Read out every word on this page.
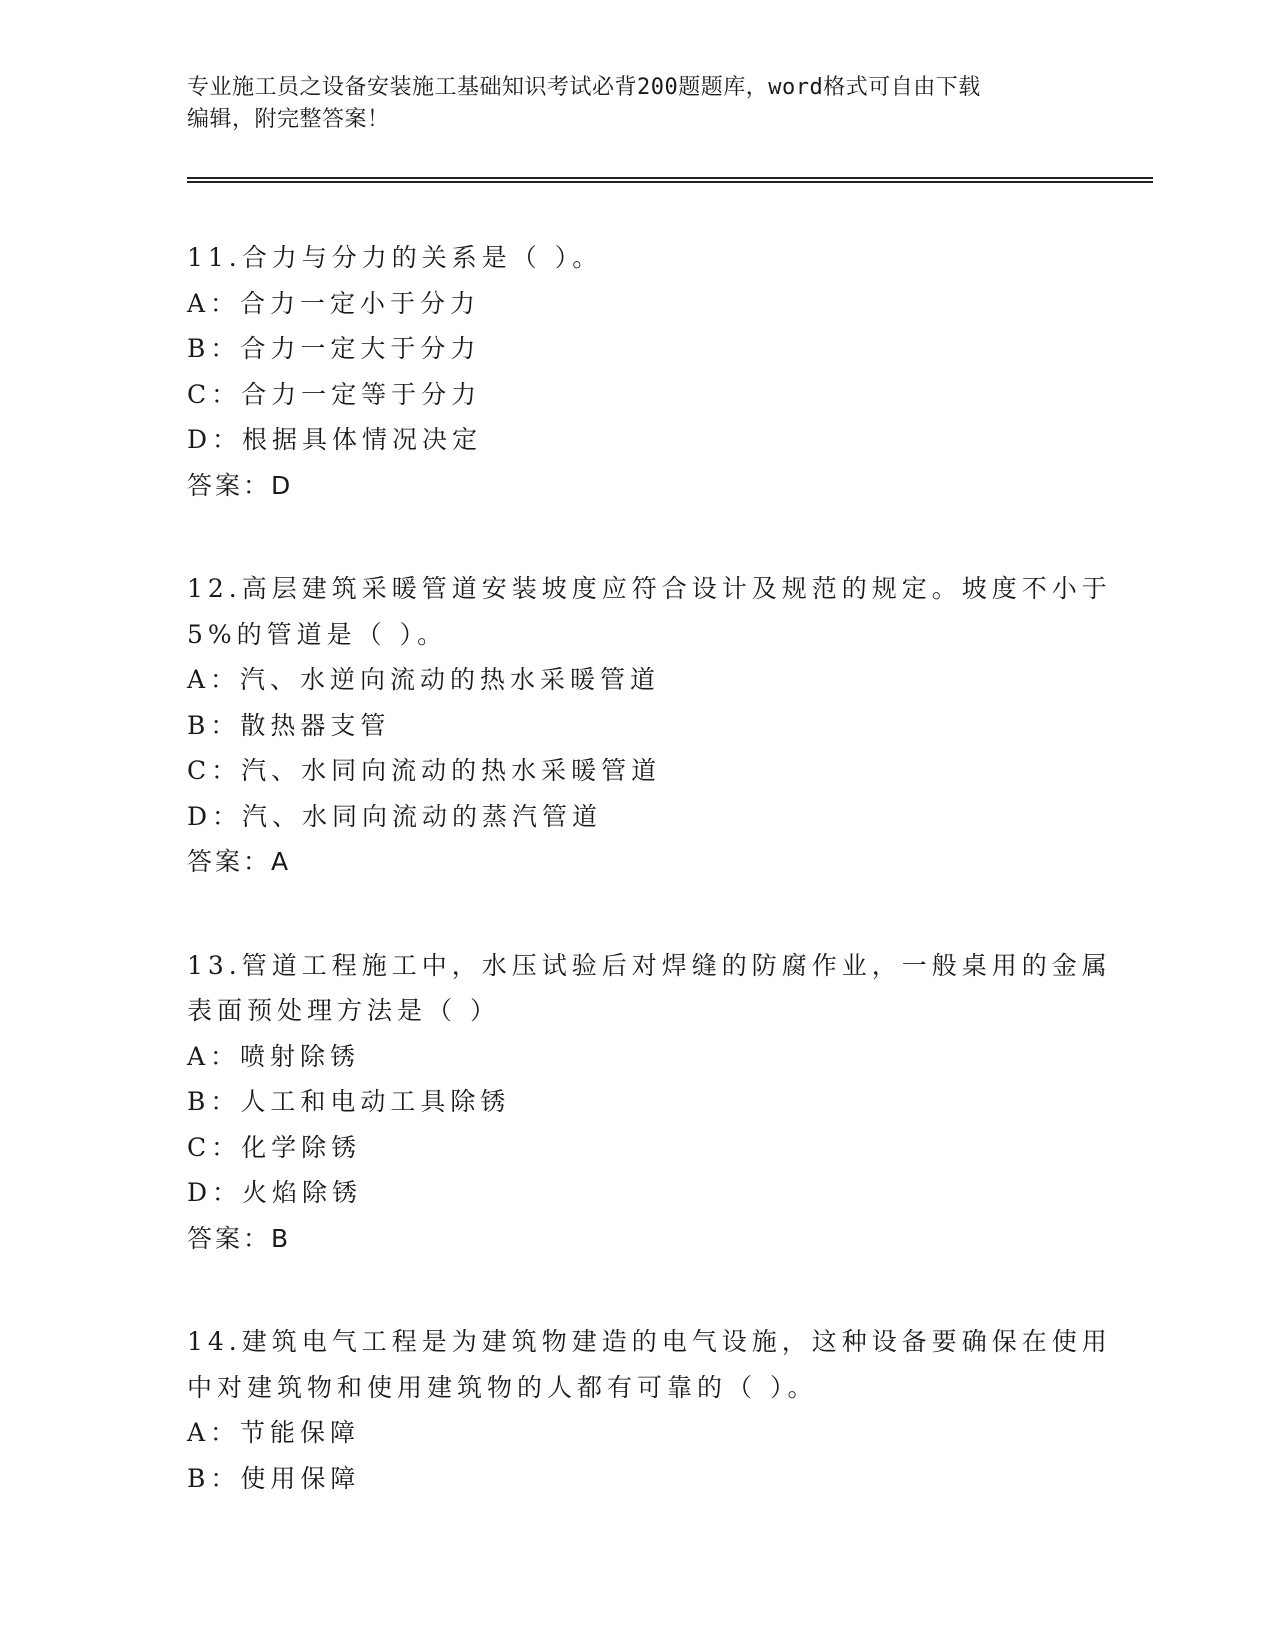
专业施工员之设备安装施工基础知识考试必背200题题库，word格式可自由下载

编辑，附完整答案！

11.合力与分力的关系是（ ）。

A：合力一定小于分力

B：合力一定大于分力

C：合力一定等于分力

D：根据具体情况决定

答案：D

12.高层建筑采暖管道安装坡度应符合设计及规范的规定。坡度不小于

5%的管道是（ ）。

A：汽、水逆向流动的热水采暖管道

B：散热器支管

C：汽、水同向流动的热水采暖管道

D：汽、水同向流动的蒸汽管道

答案：A

13.管道工程施工中，水压试验后对焊缝的防腐作业，一般桌用的金属

表面预处理方法是（ ）

A：喷射除锈

B：人工和电动工具除锈

C：化学除锈

D：火焰除锈

答案：B

14.建筑电气工程是为建筑物建造的电气设施，这种设备要确保在使用

中对建筑物和使用建筑物的人都有可靠的（ ）。

A：节能保障

B：使用保障
